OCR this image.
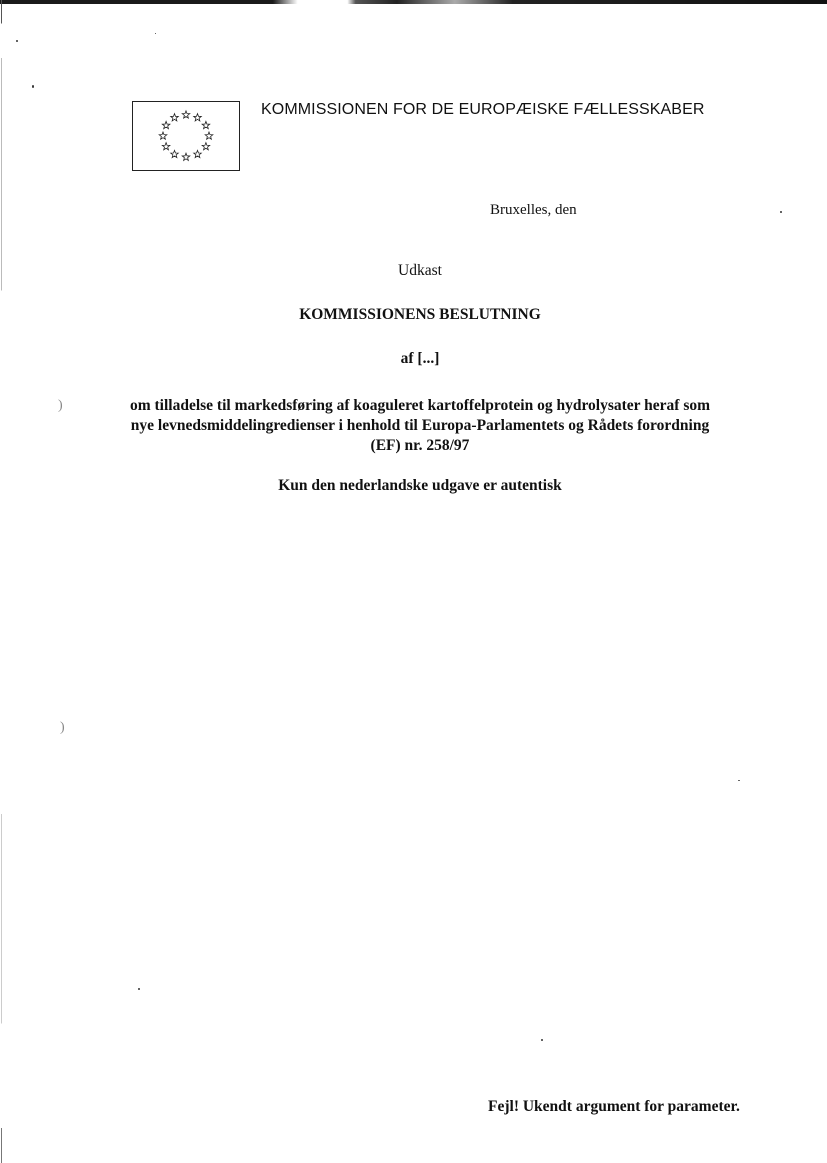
)
)
KOMMISSIONEN FOR DE EUROPÆISKE FÆLLESSKABER
Bruxelles, den
Udkast
KOMMISSIONENS BESLUTNING
af [...]
om tilladelse til markedsføring af koaguleret kartoffelprotein og hydrolysater heraf som nye levnedsmiddelingredienser i henhold til Europa-Parlamentets og Rådets forordning (EF) nr. 258/97
Kun den nederlandske udgave er autentisk
Fejl! Ukendt argument for parameter.
